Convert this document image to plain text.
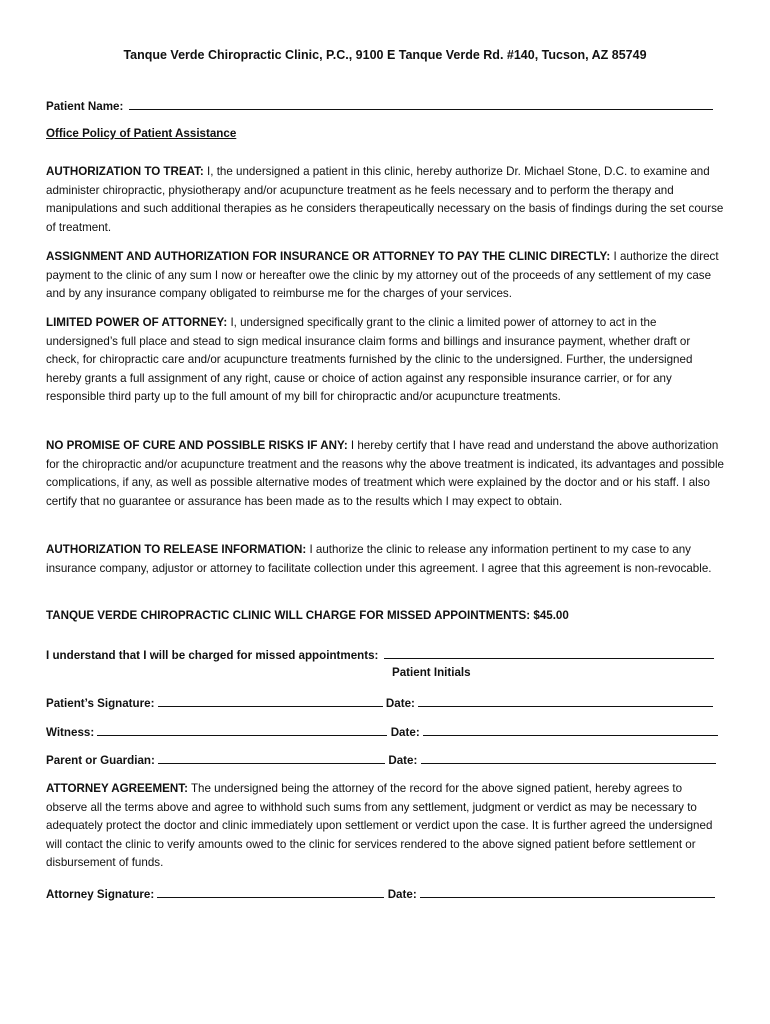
Tanque Verde Chiropractic Clinic, P.C., 9100 E Tanque Verde Rd. #140, Tucson, AZ 85749
Patient Name:
Office Policy of Patient Assistance
AUTHORIZATION TO TREAT: I, the undersigned a patient in this clinic, hereby authorize Dr. Michael Stone, D.C. to examine and administer chiropractic, physiotherapy and/or acupuncture treatment as he feels necessary and to perform the therapy and manipulations and such additional therapies as he considers therapeutically necessary on the basis of findings during the set course of treatment.
ASSIGNMENT AND AUTHORIZATION FOR INSURANCE OR ATTORNEY TO PAY THE CLINIC DIRECTLY: I authorize the direct payment to the clinic of any sum I now or hereafter owe the clinic by my attorney out of the proceeds of any settlement of my case and by any insurance company obligated to reimburse me for the charges of your services.
LIMITED POWER OF ATTORNEY: I, undersigned specifically grant to the clinic a limited power of attorney to act in the undersigned’s full place and stead to sign medical insurance claim forms and billings and insurance payment, whether draft or check, for chiropractic care and/or acupuncture treatments furnished by the clinic to the undersigned. Further, the undersigned hereby grants a full assignment of any right, cause or choice of action against any responsible insurance carrier, or for any responsible third party up to the full amount of my bill for chiropractic and/or acupuncture treatments.
NO PROMISE OF CURE AND POSSIBLE RISKS IF ANY: I hereby certify that I have read and understand the above authorization for the chiropractic and/or acupuncture treatment and the reasons why the above treatment is indicated, its advantages and possible complications, if any, as well as possible alternative modes of treatment which were explained by the doctor and or his staff. I also certify that no guarantee or assurance has been made as to the results which I may expect to obtain.
AUTHORIZATION TO RELEASE INFORMATION: I authorize the clinic to release any information pertinent to my case to any insurance company, adjustor or attorney to facilitate collection under this agreement. I agree that this agreement is non-revocable.
TANQUE VERDE CHIROPRACTIC CLINIC WILL CHARGE FOR MISSED APPOINTMENTS: $45.00
I understand that I will be charged for missed appointments:
Patient Initials
Patient’s Signature:	Date:
Witness:	Date:
Parent or Guardian:	Date:
ATTORNEY AGREEMENT: The undersigned being the attorney of the record for the above signed patient, hereby agrees to observe all the terms above and agree to withhold such sums from any settlement, judgment or verdict as may be necessary to adequately protect the doctor and clinic immediately upon settlement or verdict upon the case. It is further agreed the undersigned will contact the clinic to verify amounts owed to the clinic for services rendered to the above signed patient before settlement or disbursement of funds.
Attorney Signature:	Date:
